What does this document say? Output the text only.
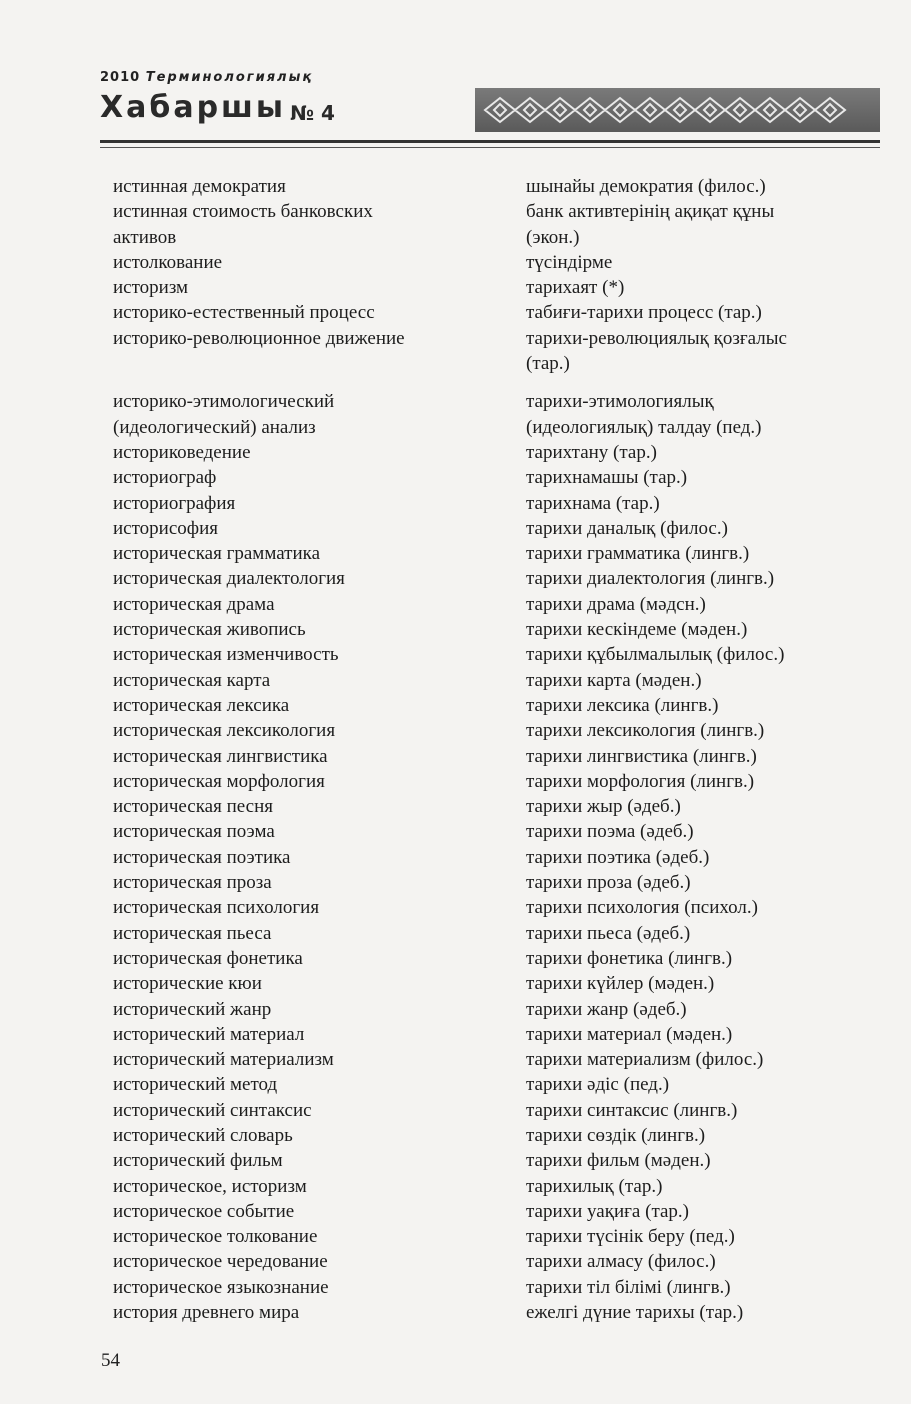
2010 Терминологиялық
Хабаршы № 4
истинная демократия
истинная стоимость банковских
активов
истолкование
историзм
историко-естественный процесс
историко-революционное движение
историко-этимологический
(идеологический) анализ
историковедение
историограф
историография
историсофия
историческая грамматика
историческая диалектология
историческая драма
историческая живопись
историческая изменчивость
историческая карта
историческая лексика
историческая лексикология
историческая лингвистика
историческая морфология
историческая песня
историческая поэма
историческая поэтика
историческая проза
историческая психология
историческая пьеса
историческая фонетика
исторические кюи
исторический жанр
исторический материал
исторический материализм
исторический метод
исторический синтаксис
исторический словарь
исторический фильм
историческое, историзм
историческое событие
историческое толкование
историческое чередование
историческое языкознание
история древнего мира
шынайы демократия (филос.)
банк активтерінің ақиқат құны
(экон.)
түсіндірме
тарихаят (*)
табиғи-тарихи процесс (тар.)
тарихи-революциялық қозғалыс
(тар.)
тарихи-этимологиялық
(идеологиялық) талдау (пед.)
тарихтану (тар.)
тарихнамашы (тар.)
тарихнама (тар.)
тарихи даналық (филос.)
тарихи грамматика (лингв.)
тарихи диалектология (лингв.)
тарихи драма (мәдсн.)
тарихи кескіндеме (мәден.)
тарихи құбылмалылық (филос.)
тарихи карта (мәден.)
тарихи лексика (лингв.)
тарихи лексикология (лингв.)
тарихи лингвистика (лингв.)
тарихи морфология (лингв.)
тарихи жыр (әдеб.)
тарихи поэма (әдеб.)
тарихи поэтика (әдеб.)
тарихи проза (әдеб.)
тарихи психология (психол.)
тарихи пьеса (әдеб.)
тарихи фонетика (лингв.)
тарихи күйлер (мәден.)
тарихи жанр (әдеб.)
тарихи материал (мәден.)
тарихи материализм (филос.)
тарихи әдіс (пед.)
тарихи синтаксис (лингв.)
тарихи сөздік (лингв.)
тарихи фильм (мәден.)
тарихилық (тар.)
тарихи уақиға (тар.)
тарихи түсінік беру (пед.)
тарихи алмасу (филос.)
тарихи тіл білімі (лингв.)
ежелгі дүние тарихы (тар.)
54
